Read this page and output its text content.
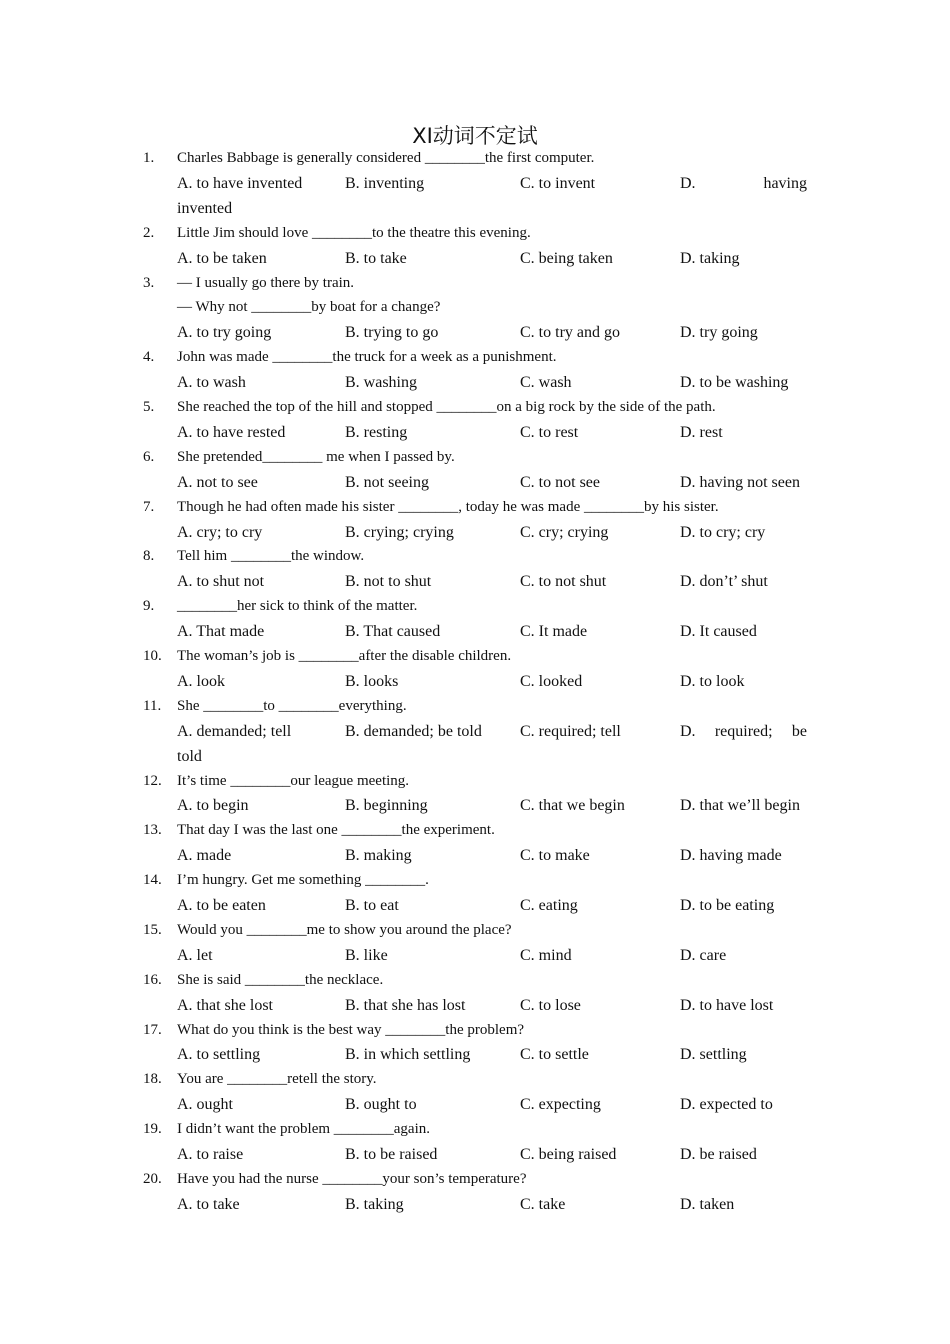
XI动词不定试
1. Charles Babbage is generally considered ________the first computer.
A. to have invented	B. inventing	C. to invent	D.	having
invented
2. Little Jim should love ________to the theatre this evening.
A. to be taken	B. to take	C. being taken	D. taking
3. — I usually go there by train.
— Why not ________by boat for a change?
A. to try going	B. trying to go	C. to try and go	D. try going
4. John was made ________the truck for a week as a punishment.
A. to wash	B. washing	C. wash	D. to be washing
5. She reached the top of the hill and stopped ________on a big rock by the side of the path.
A. to have rested	B. resting	C. to rest	D. rest
6. She pretended________ me when I passed by.
A. not to see	B. not seeing	C. to not see	D. having not seen
7. Though he had often made his sister ________, today he was made ________by his sister.
A. cry; to cry	B. crying; crying	C. cry; crying	D. to cry; cry
8. Tell him ________the window.
A. to shut not	B. not to shut	C. to not shut	D. don’t’ shut
9. ________her sick to think of the matter.
A. That made	B. That caused	C. It made	D. It caused
10. The woman’s job is ________after the disable children.
A. look	B. looks	C. looked	D. to look
11. She ________to ________everything.
A. demanded; tell	B. demanded; be told C. required; tell	D. required; be
told
12. It’s time ________our league meeting.
A. to begin	B. beginning	C. that we begin	D. that we’ll begin
13. That day I was the last one ________the experiment.
A. made	B. making	C. to make	D. having made
14. I’m hungry. Get me something ________.
A. to be eaten	B. to eat	C. eating	D. to be eating
15. Would you ________me to show you around the place?
A. let	B. like	C. mind	D. care
16. She is said ________the necklace.
A. that she lost	B. that she has lost	C. to lose	D. to have lost
17. What do you think is the best way ________the problem?
A. to settling	B. in which settling	C. to settle	D. settling
18. You are ________retell the story.
A. ought	B. ought to	C. expecting	D. expected to
19. I didn’t want the problem ________again.
A. to raise	B. to be raised	C. being raised	D. be raised
20. Have you had the nurse ________your son’s temperature?
A. to take	B. taking	C. take	D. taken
